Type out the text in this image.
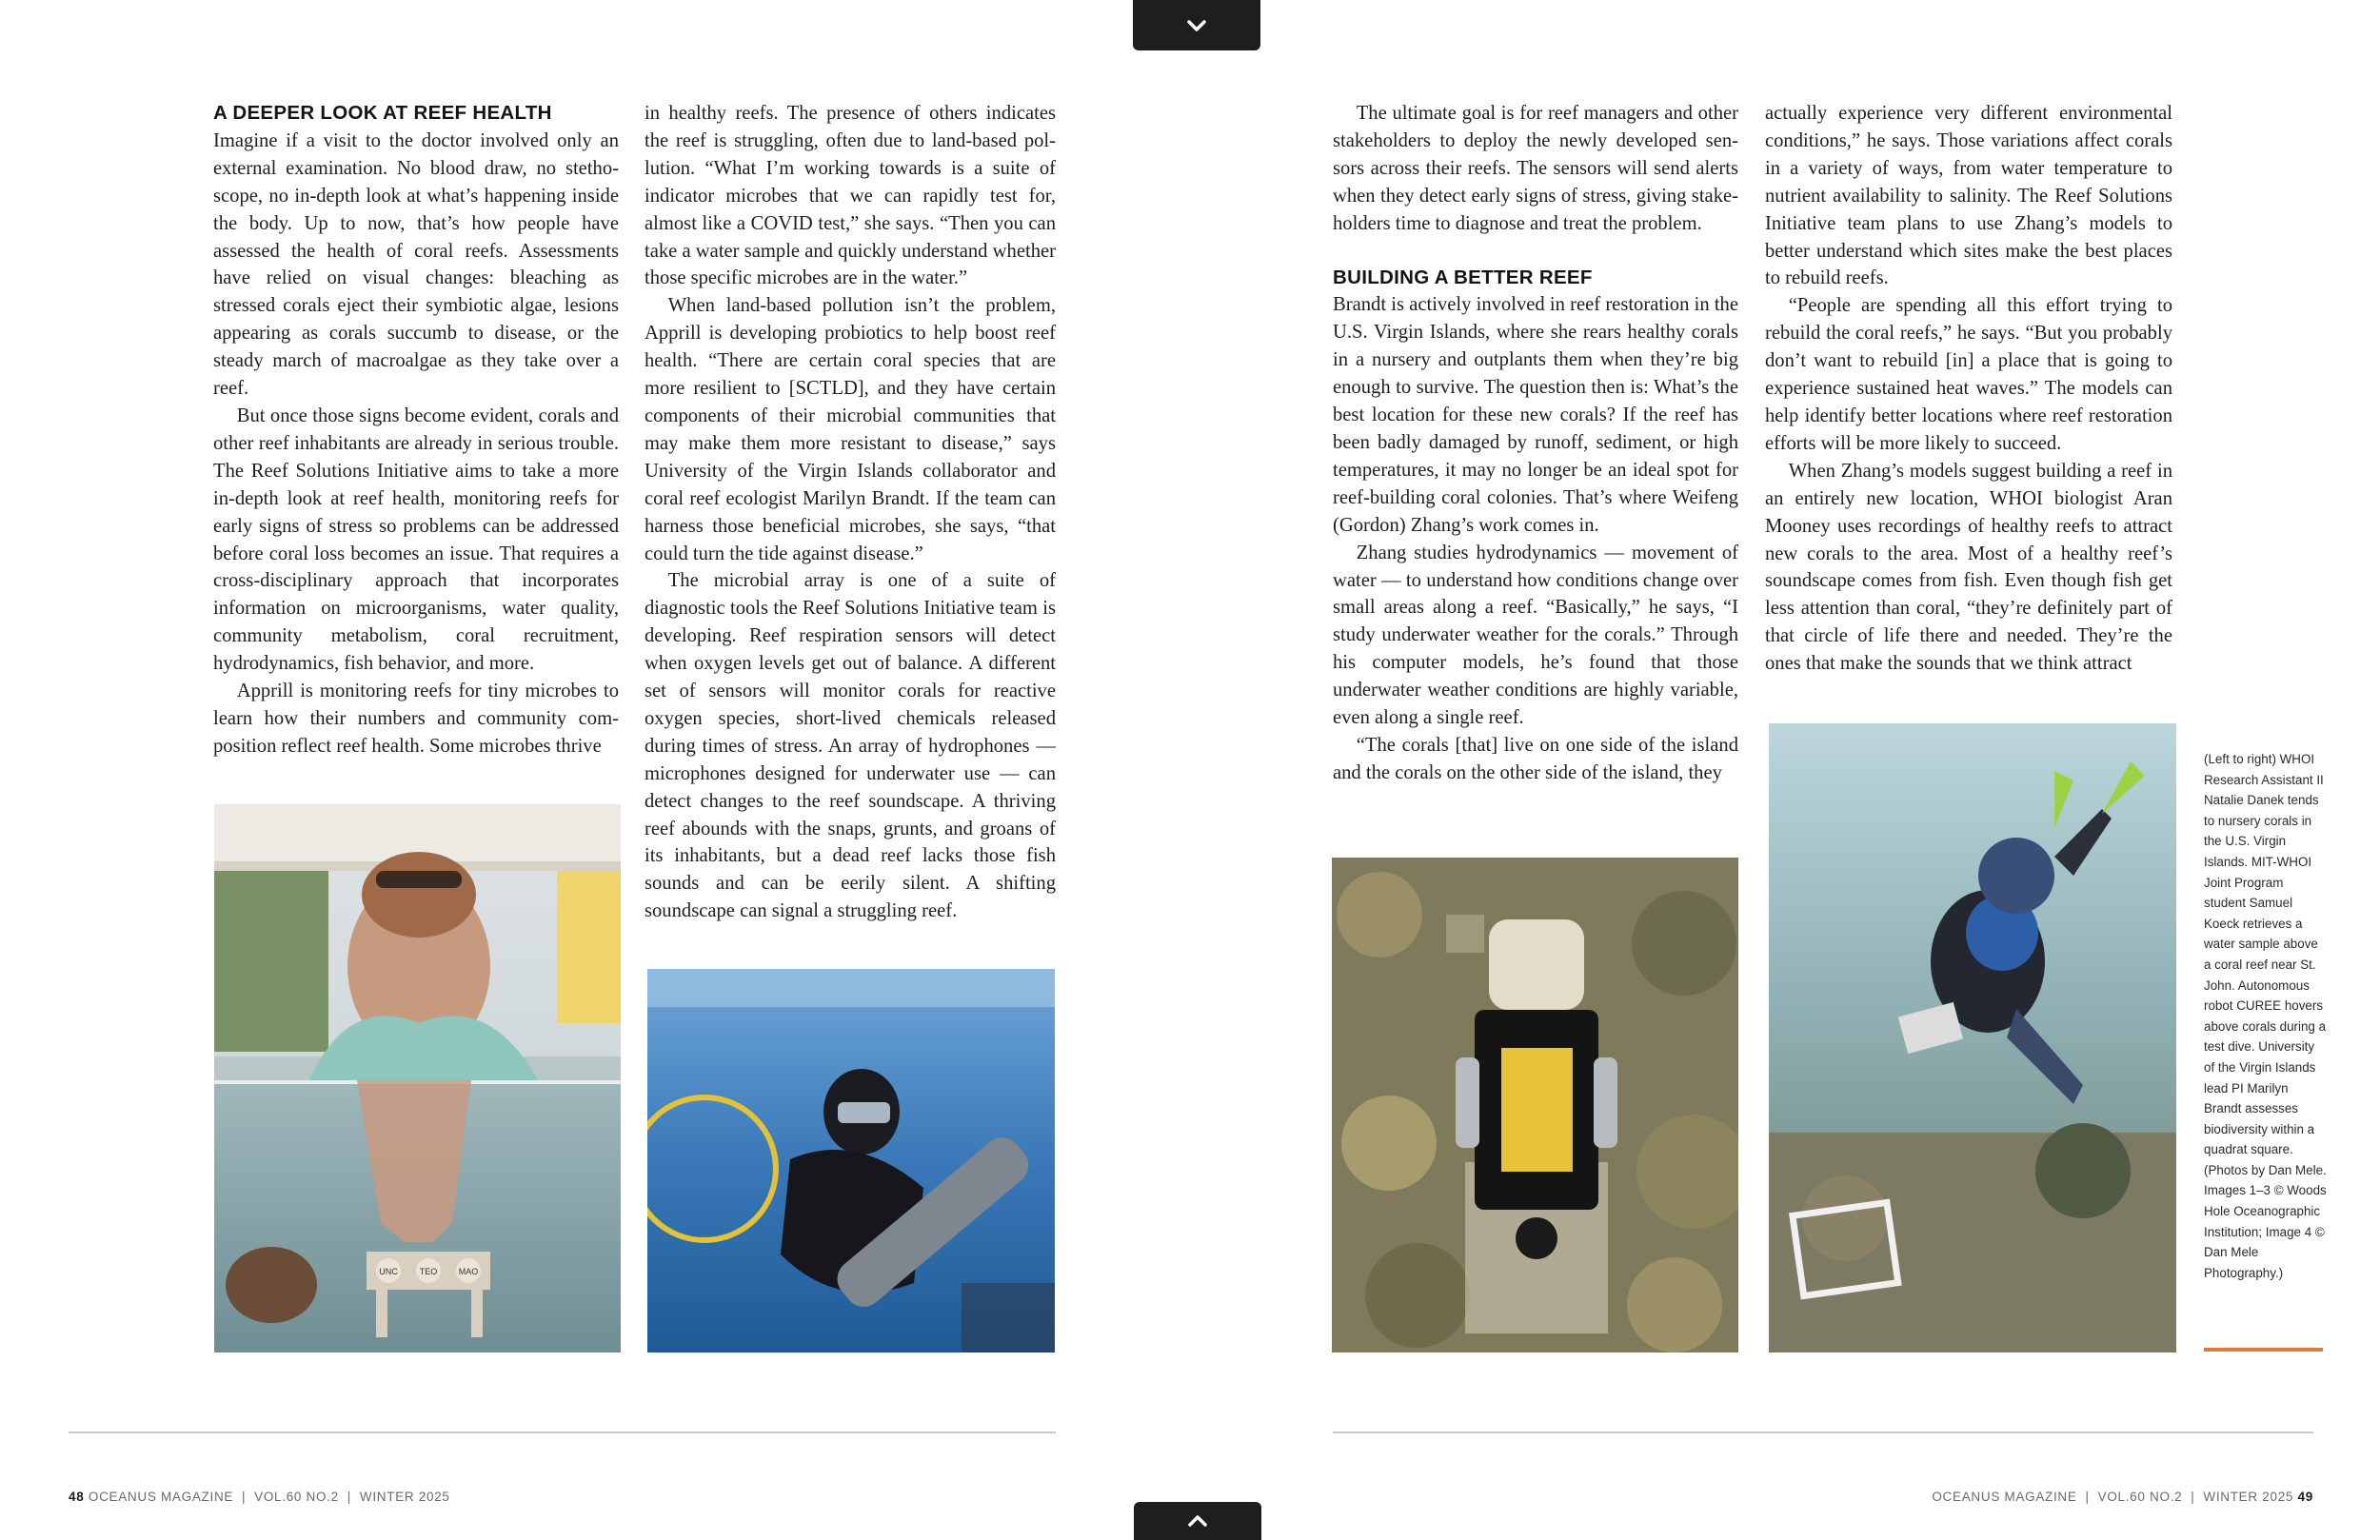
A DEEPER LOOK AT REEF HEALTH

Imagine if a visit to the doctor involved only an external examination. No blood draw, no stethoscope, no in-depth look at what’s happening inside the body. Up to now, that’s how people have assessed the health of coral reefs. Assessments have relied on visual changes: bleaching as stressed corals eject their symbiotic algae, lesions appearing as corals succumb to disease, or the steady march of macroalgae as they take over a reef.

But once those signs become evident, corals and other reef inhabitants are already in serious trouble. The Reef Solutions Initiative aims to take a more in-depth look at reef health, monitoring reefs for early signs of stress so problems can be addressed before coral loss becomes an issue. That requires a cross-disciplinary approach that incorporates information on microorganisms, water quality, community metabolism, coral recruitment, hydrodynamics, fish behavior, and more.

Apprill is monitoring reefs for tiny microbes to learn how their numbers and community composition reflect reef health. Some microbes thrive

in healthy reefs. The presence of others indicates the reef is struggling, often due to land-based pollution. “What I’m working towards is a suite of indicator microbes that we can rapidly test for, almost like a COVID test,” she says. “Then you can take a water sample and quickly understand whether those specific microbes are in the water.”

When land-based pollution isn’t the problem, Apprill is developing probiotics to help boost reef health. “There are certain coral species that are more resilient to [SCTLD], and they have certain components of their microbial communities that may make them more resistant to disease,” says University of the Virgin Islands collaborator and coral reef ecologist Marilyn Brandt. If the team can harness those beneficial microbes, she says, “that could turn the tide against disease.”

The microbial array is one of a suite of diagnostic tools the Reef Solutions Initiative team is developing. Reef respiration sensors will detect when oxygen levels get out of balance. A different set of sensors will monitor corals for reactive oxygen species, short-lived chemicals released during times of stress. An array of hydrophones — microphones designed for underwater use — can detect changes to the reef soundscape. A thriving reef abounds with the snaps, grunts, and groans of its inhabitants, but a dead reef lacks those fish sounds and can be eerily silent. A shifting soundscape can signal a struggling reef.

UNC	TEO MAO

The ultimate goal is for reef managers and other stakeholders to deploy the newly developed sensors across their reefs. The sensors will send alerts when they detect early signs of stress, giving stakeholders time to diagnose and treat the problem.

BUILDING A BETTER REEF

Brandt is actively involved in reef restoration in the U.S. Virgin Islands, where she rears healthy corals in a nursery and outplants them when they’re big enough to survive. The question then is: What’s the best location for these new corals? If the reef has been badly damaged by runoff, sediment, or high temperatures, it may no longer be an ideal spot for reef-building coral colonies. That’s where Weifeng (Gordon) Zhang’s work comes in.

Zhang studies hydrodynamics — movement of water — to understand how conditions change over small areas along a reef. “Basically,” he says, “I study underwater weather for the corals.” Through his computer models, he’s found that those underwater weather conditions are highly variable, even along a single reef.

“The corals [that] live on one side of the island and the corals on the other side of the island, they

actually experience very different environmental conditions,” he says. Those variations affect corals in a variety of ways, from water temperature to nutrient availability to salinity. The Reef Solutions Initiative team plans to use Zhang’s models to better understand which sites make the best places to rebuild reefs.

“People are spending all this effort trying to rebuild the coral reefs,” he says. “But you probably don’t want to rebuild [in] a place that is going to experience sustained heat waves.” The models can help identify better locations where reef restoration efforts will be more likely to succeed.

When Zhang’s models suggest building a reef in an entirely new location, WHOI biologist Aran Mooney uses recordings of healthy reefs to attract new corals to the area. Most of a healthy reef’s soundscape comes from fish. Even though fish get less attention than coral, “they’re definitely part of that circle of life there and needed. They’re the ones that make the sounds that we think attract

(Left to right) WHOI Research Assistant II Natalie Danek tends to nursery corals in the U.S. Virgin Islands. MIT-WHOI Joint Program student Samuel Koeck retrieves a water sample above a coral reef near St. John. Autonomous robot CUREE hovers above corals during a test dive. University of the Virgin Islands lead PI Marilyn Brandt assesses biodiversity within a quadrat square. (Photos by Dan Mele. Images 1–3 © Woods Hole Oceanographic Institution; Image 4 © Dan Mele Photography.)
48 OCEANUS MAGAZINE | VOL.60 NO.2 | WINTER 2025	OCEANUS MAGAZINE | VOL.60 NO.2 | WINTER 2025 49
